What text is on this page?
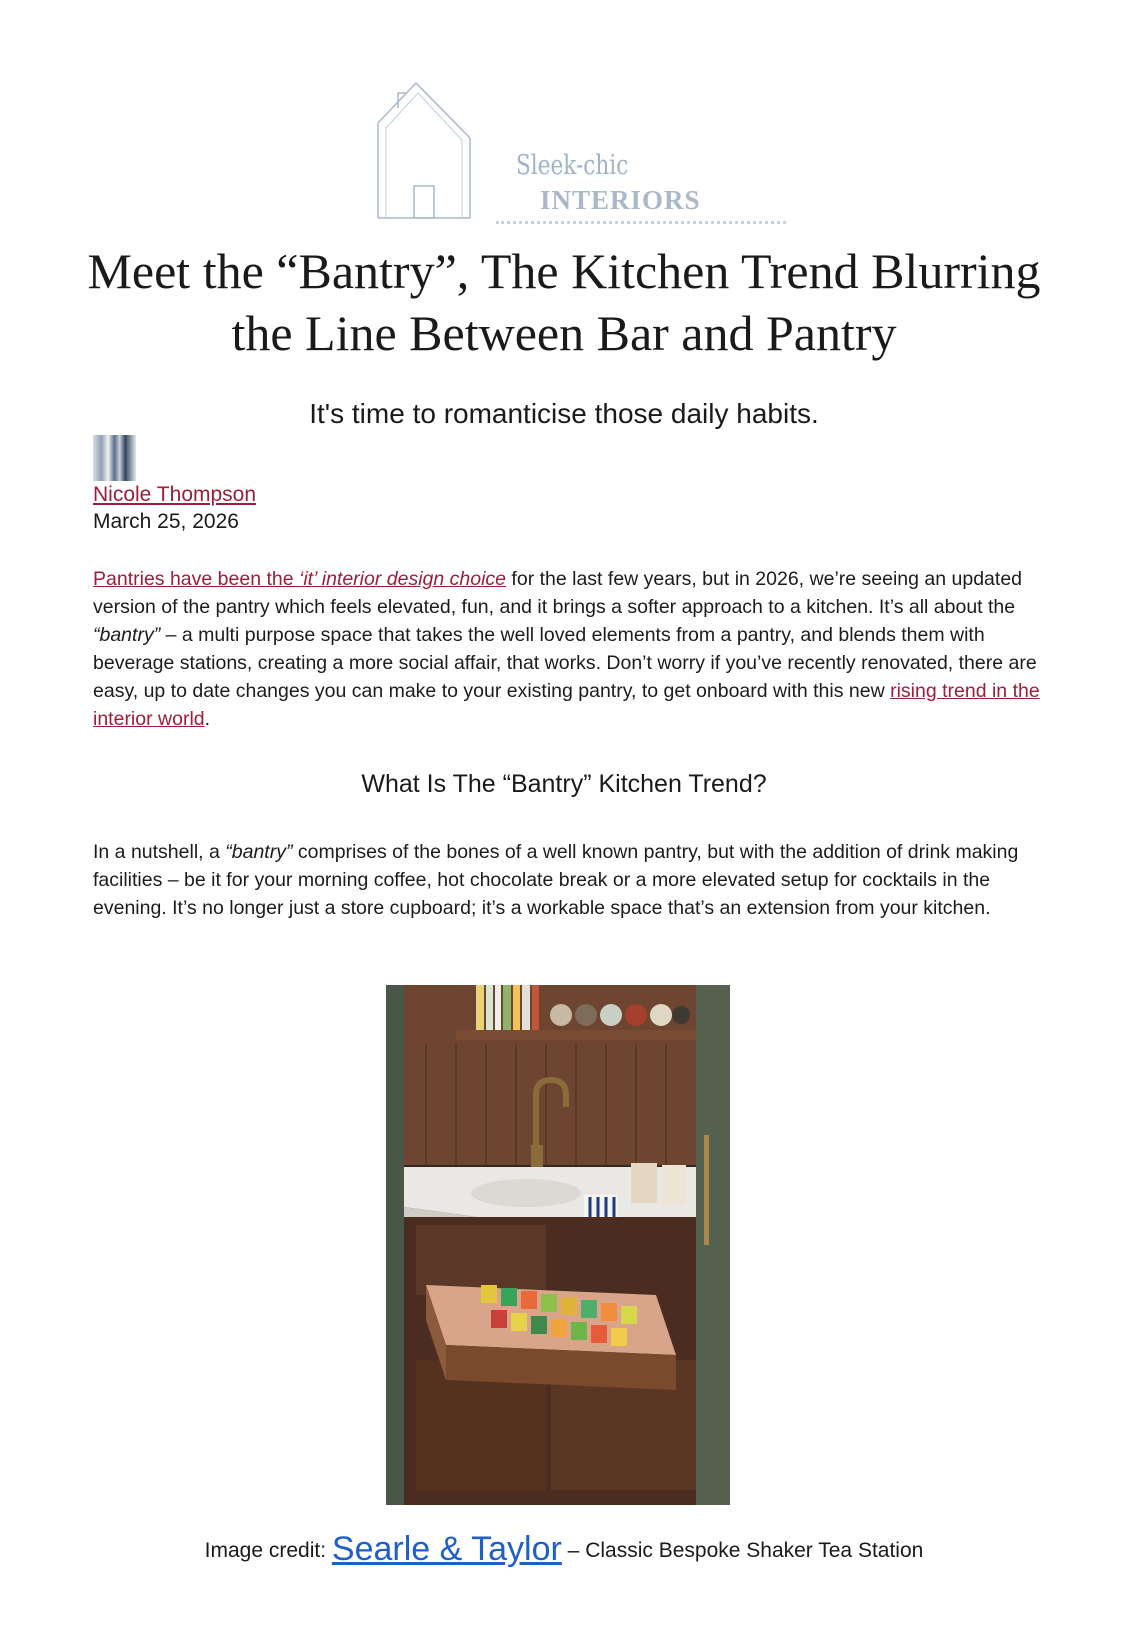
Sleek-chic
INTERIORS
Meet the “Bantry”, The Kitchen Trend Blurring the Line Between Bar and Pantry
It's time to romanticise those daily habits.
Nicole Thompson
March 25, 2026

Pantries have been the ‘it’ interior design choice for the last few years, but in 2026, we’re seeing an updated version of the pantry which feels elevated, fun, and it brings a softer approach to a kitchen. It’s all about the “bantry” – a multi purpose space that takes the well loved elements from a pantry, and blends them with beverage stations, creating a more social affair, that works. Don’t worry if you’ve recently renovated, there are easy, up to date changes you can make to your existing pantry, to get onboard with this new rising trend in the interior world.

What Is The “Bantry” Kitchen Trend?

In a nutshell, a “bantry” comprises of the bones of a well known pantry, but with the addition of drink making facilities – be it for your morning coffee, hot chocolate break or a more elevated setup for cocktails in the evening. It’s no longer just a store cupboard; it’s a workable space that’s an extension from your kitchen.

Image credit: Searle & Taylor – Classic Bespoke Shaker Tea Station
